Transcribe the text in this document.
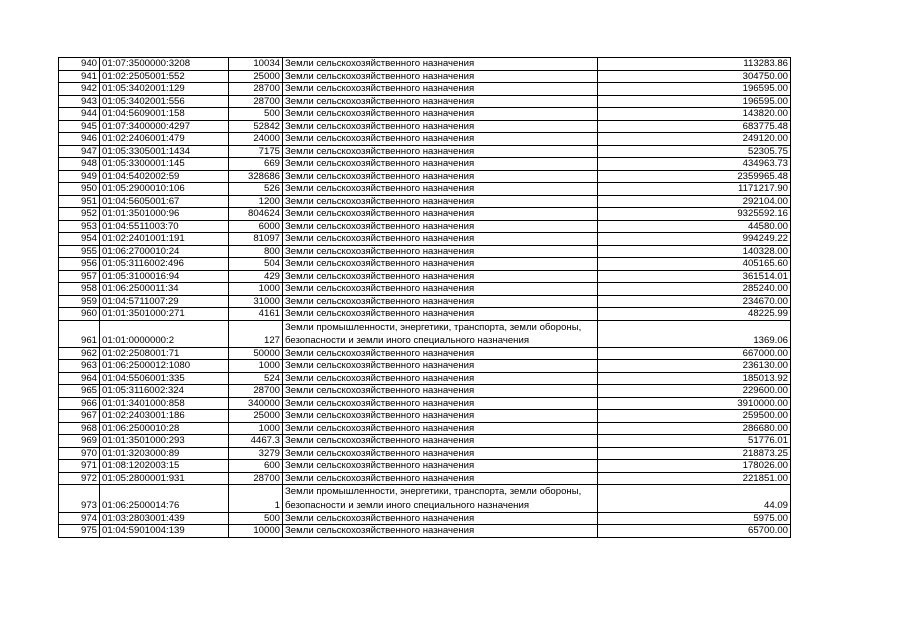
940	01:07:3500000:3208	10034	Земли сельскохозяйственного назначения	113283.86
941	01:02:2505001:552	25000	Земли сельскохозяйственного назначения	304750.00
942	01:05:3402001:129	28700	Земли сельскохозяйственного назначения	196595.00
943	01:05:3402001:556	28700	Земли сельскохозяйственного назначения	196595.00
944	01:04:5609001:158	500	Земли сельскохозяйственного назначения	143820.00
945	01:07:3400000:4297	52842	Земли сельскохозяйственного назначения	683775.48
946	01:02:2406001:479	24000	Земли сельскохозяйственного назначения	249120.00
947	01:05:3305001:1434	7175	Земли сельскохозяйственного назначения	52305.75
948	01:05:3300001:145	669	Земли сельскохозяйственного назначения	434963.73
949	01:04:5402002:59	328686	Земли сельскохозяйственного назначения	2359965.48
950	01:05:2900010:106	526	Земли сельскохозяйственного назначения	1171217.90
951	01:04:5605001:67	1200	Земли сельскохозяйственного назначения	292104.00
952	01:01:3501000:96	804624	Земли сельскохозяйственного назначения	9325592.16
953	01:04:5511003:70	6000	Земли сельскохозяйственного назначения	44580.00
954	01:02:2401001:191	81097	Земли сельскохозяйственного назначения	994249.22
955	01:06:2700010:24	800	Земли сельскохозяйственного назначения	140328.00
956	01:05:3116002:496	504	Земли сельскохозяйственного назначения	405165.60
957	01:05:3100016:94	429	Земли сельскохозяйственного назначения	361514.01
958	01:06:2500011:34	1000	Земли сельскохозяйственного назначения	285240.00
959	01:04:5711007:29	31000	Земли сельскохозяйственного назначения	234670.00
960	01:01:3501000:271	4161	Земли сельскохозяйственного назначения	48225.99
961	01:01:0000000:2	127	Земли промышленности, энергетики, транспорта, земли обороны, безопасности и земли иного специального назначения	1369.06
962	01:02:2508001:71	50000	Земли сельскохозяйственного назначения	667000.00
963	01:06:2500012:1080	1000	Земли сельскохозяйственного назначения	236130.00
964	01:04:5506001:335	524	Земли сельскохозяйственного назначения	185013.92
965	01:05:3116002:324	28700	Земли сельскохозяйственного назначения	229600.00
966	01:01:3401000:858	340000	Земли сельскохозяйственного назначения	3910000.00
967	01:02:2403001:186	25000	Земли сельскохозяйственного назначения	259500.00
968	01:06:2500010:28	1000	Земли сельскохозяйственного назначения	286680.00
969	01:01:3501000:293	4467.3	Земли сельскохозяйственного назначения	51776.01
970	01:01:3203000:89	3279	Земли сельскохозяйственного назначения	218873.25
971	01:08:1202003:15	600	Земли сельскохозяйственного назначения	178026.00
972	01:05:2800001:931	28700	Земли сельскохозяйственного назначения	221851.00
973	01:06:2500014:76	1	Земли промышленности, энергетики, транспорта, земли обороны, безопасности и земли иного специального назначения	44.09
974	01:03:2803001:439	500	Земли сельскохозяйственного назначения	5975.00
975	01:04:5901004:139	10000	Земли сельскохозяйственного назначения	65700.00
